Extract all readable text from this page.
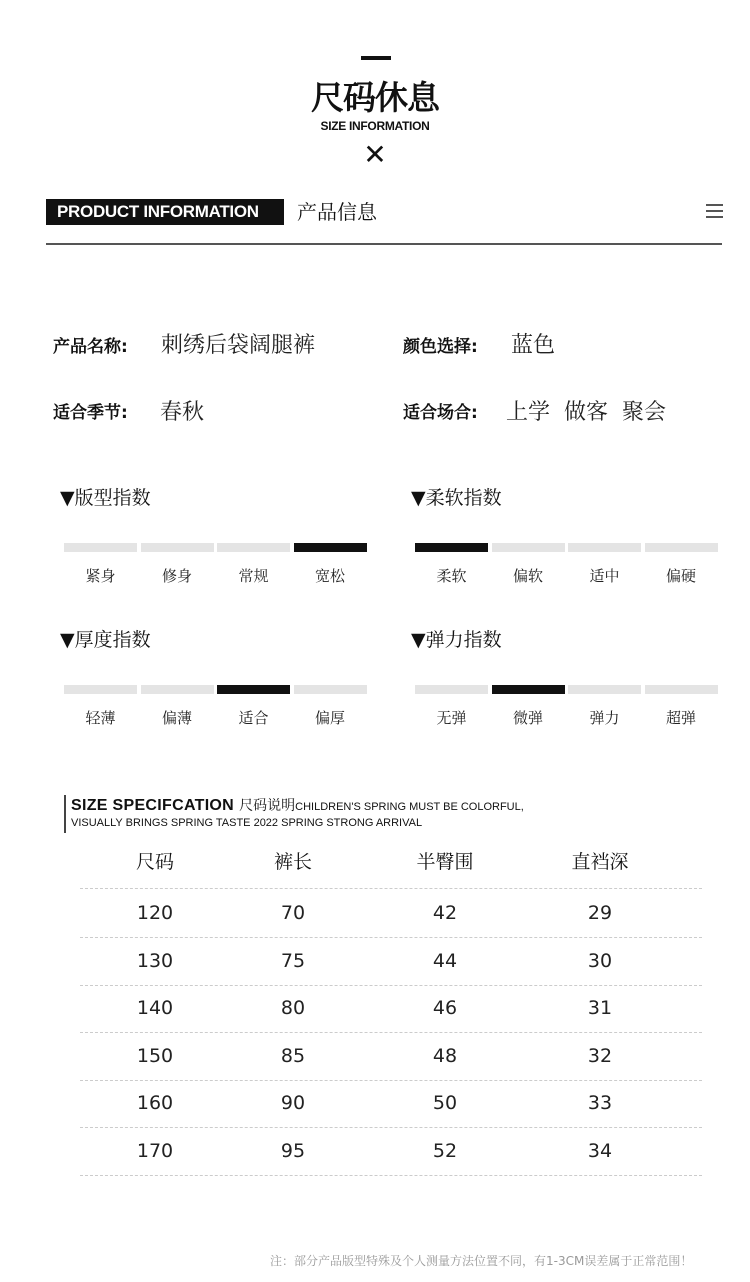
尺码休息
SIZE INFORMATION
✕
PRODUCT INFORMATION	产品信息
产品名称: 刺绣后袋阔腿裤	颜色选择: 蓝色
适合季节: 春秋	适合场合: 上学  做客  聚会
▼版型指数
紧身	修身	常规	宽松
▼柔软指数
柔软	偏软	适中	偏硬
▼厚度指数
轻薄	偏薄	适合	偏厚
▼弹力指数
无弹	微弹	弹力	超弹
SIZE SPECIFCATION 尺码说明CHILDREN'S SPRING MUST BE COLORFUL,
VISUALLY BRINGS SPRING TASTE 2022 SPRING STRONG ARRIVAL
尺码	裤长	半臀围	直裆深
120	70	42	29
130	75	44	30
140	80	46	31
150	85	48	32
160	90	50	33
170	95	52	34
注：部分产品版型特殊及个人测量方法位置不同，有1-3CM误差属于正常范围！
